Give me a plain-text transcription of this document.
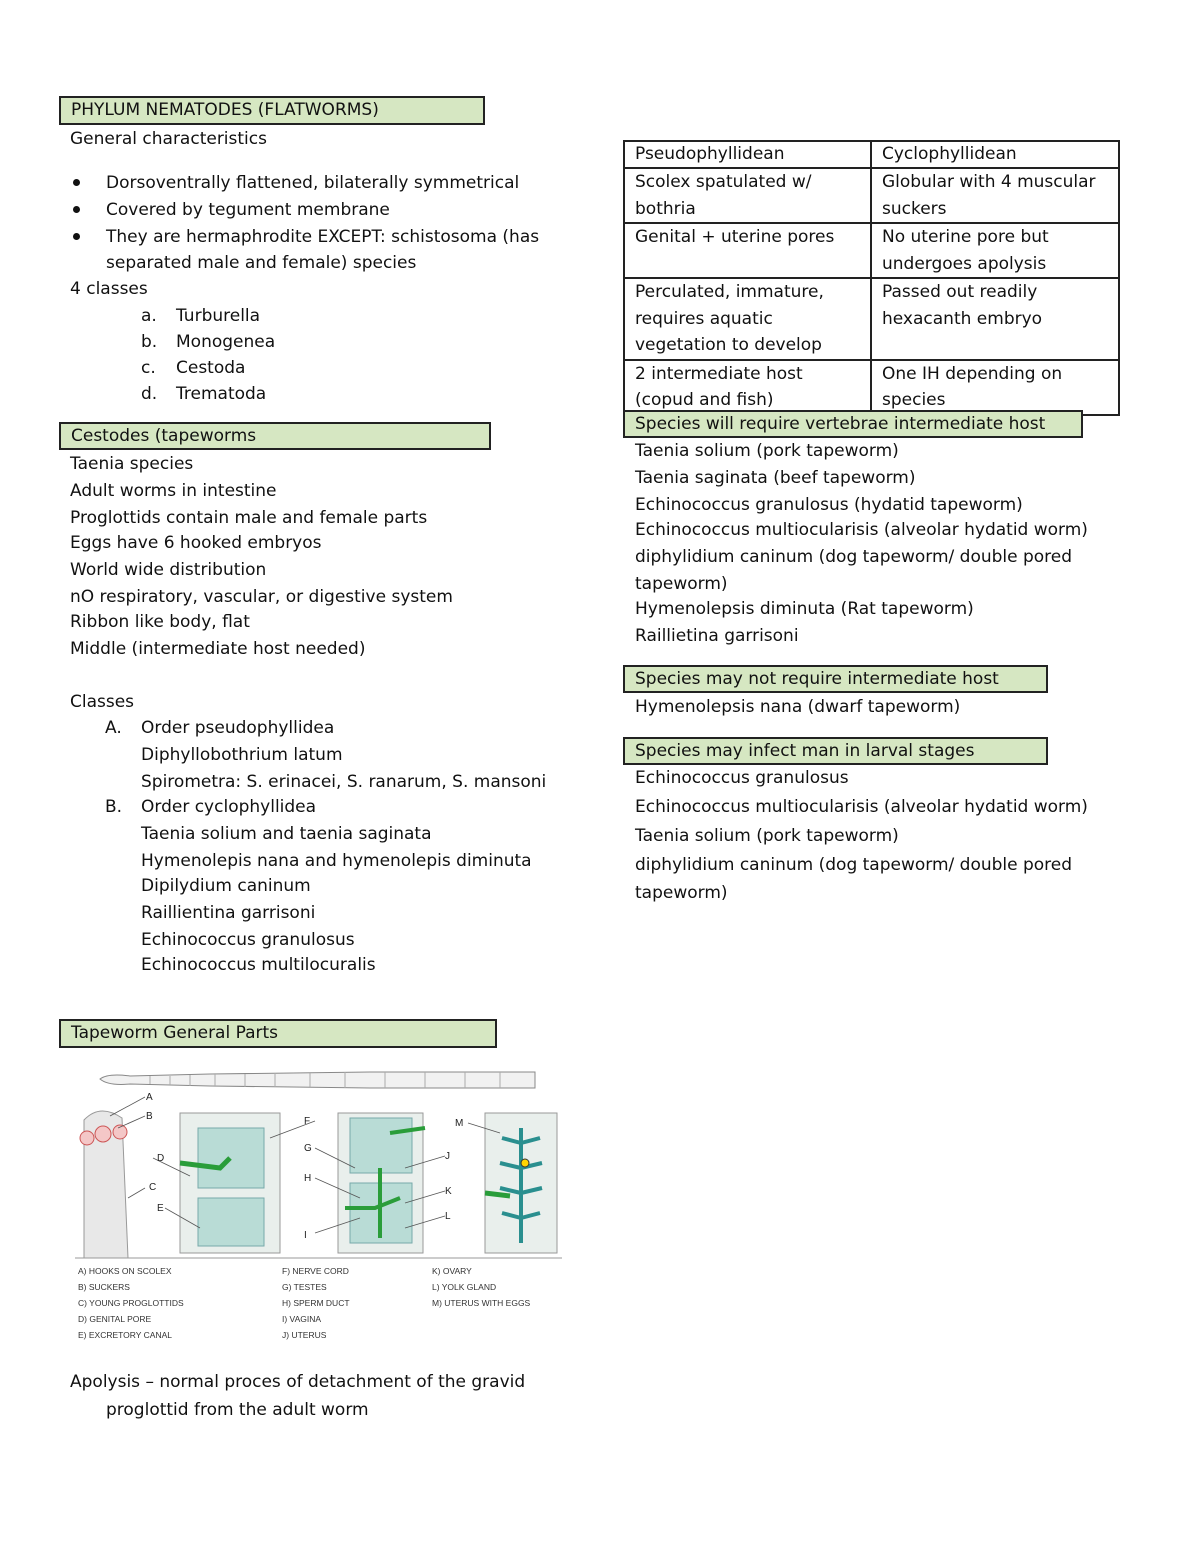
PHYLUM NEMATODES (FLATWORMS)
General characteristics
Dorsoventrally flattened, bilaterally symmetrical
Covered by tegument membrane
They are hermaphrodite EXCEPT: schistosoma (has
separated male and female) species
4 classes
a. Turburella
b. Monogenea
c. Cestoda
d. Trematoda
Cestodes (tapeworms
Taenia species
Adult worms in intestine
Proglottids contain male and female parts
Eggs have 6 hooked embryos
World wide distribution
nO respiratory, vascular, or digestive system
Ribbon like body, flat
Middle (intermediate host needed)
Classes
A. Order pseudophyllidea
Diphyllobothrium latum
Spirometra: S. erinacei, S. ranarum, S. mansoni
B. Order cyclophyllidea
Taenia solium and taenia saginata
Hymenolepis nana and hymenolepis diminuta
Dipilydium caninum
Raillientina garrisoni
Echinococcus granulosus
Echinococcus multilocuralis
Tapeworm General Parts
A
B
C
D
E
F
G
H
I
J
K
L
M
A) HOOKS ON SCOLEX
B) SUCKERS
C) YOUNG PROGLOTTIDS
D) GENITAL PORE
E) EXCRETORY CANAL
F) NERVE CORD
G) TESTES
H) SPERM DUCT
I) VAGINA
J) UTERUS
K) OVARY
L) YOLK GLAND
M) UTERUS WITH EGGS
Apolysis – normal proces of detachment of the gravid
proglottid from the adult worm
Pseudophyllidean	Cyclophyllidean
Scolex spatulated w/ bothria	Globular with 4 muscular suckers
Genital + uterine pores	No uterine pore but undergoes apolysis
Perculated, immature, requires aquatic vegetation to develop	Passed out readily hexacanth embryo
2 intermediate host (copud and fish)	One IH depending on species
Species will require vertebrae intermediate host
Taenia solium (pork tapeworm)
Taenia saginata (beef tapeworm)
Echinococcus granulosus (hydatid tapeworm)
Echinococcus multiocularisis (alveolar hydatid worm)
diphylidium caninum (dog tapeworm/ double pored
tapeworm)
Hymenolepsis diminuta (Rat tapeworm)
Raillietina garrisoni
Species may not require intermediate host
Hymenolepsis nana (dwarf tapeworm)
Species may infect man in larval stages
Echinococcus granulosus
Echinococcus multiocularisis (alveolar hydatid worm)
Taenia solium (pork tapeworm)
diphylidium caninum (dog tapeworm/ double pored
tapeworm)
